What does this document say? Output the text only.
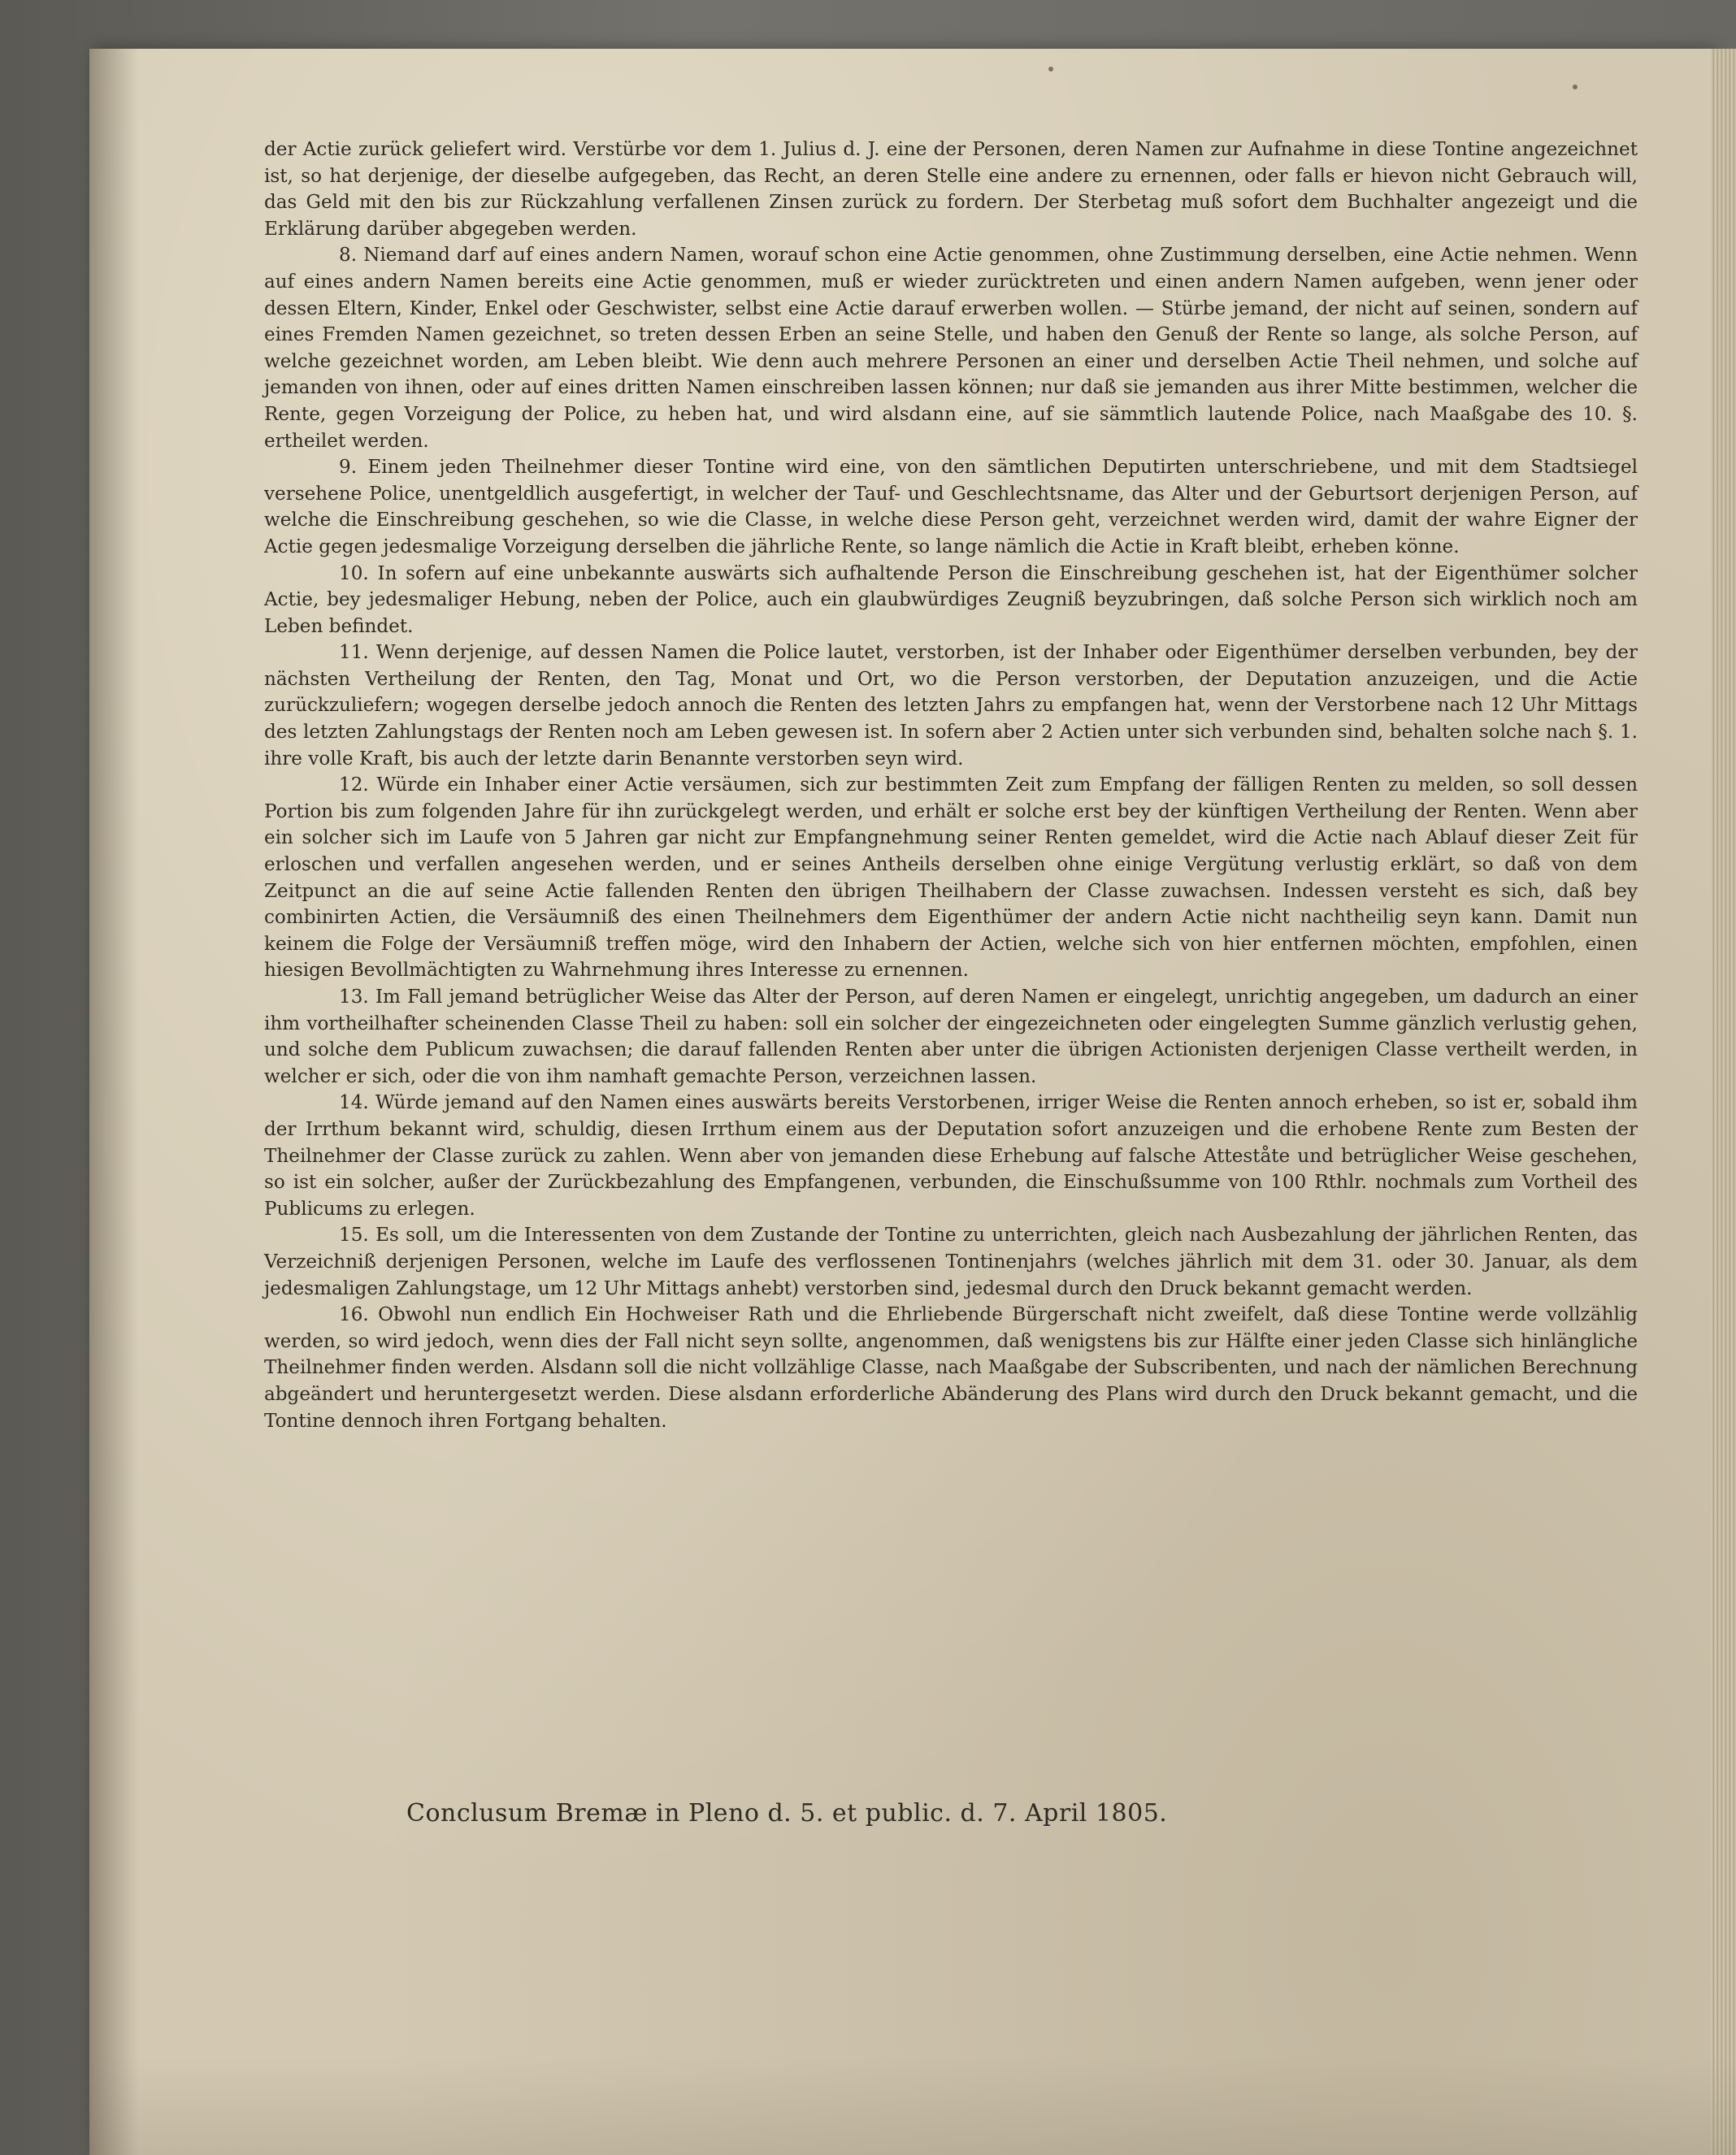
der Actie zurück geliefert wird. Verstürbe vor dem 1. Julius d. J. eine der Personen, deren Namen zur Aufnahme in diese Tontine angezeichnet ist, so hat derjenige, der dieselbe aufgegeben, das Recht, an deren Stelle eine andere zu ernennen, oder falls er hievon nicht Gebrauch will, das Geld mit den bis zur Rückzahlung verfallenen Zinsen zurück zu fordern. Der Sterbetag muß sofort dem Buchhalter angezeigt und die Erklärung darüber abgegeben werden.

8. Niemand darf auf eines andern Namen, worauf schon eine Actie genommen, ohne Zustimmung derselben, eine Actie nehmen. Wenn auf eines andern Namen bereits eine Actie genommen, muß er wieder zurücktreten und einen andern Namen aufgeben, wenn jener oder dessen Eltern, Kinder, Enkel oder Geschwister, selbst eine Actie darauf erwerben wollen. — Stürbe jemand, der nicht auf seinen, sondern auf eines Fremden Namen gezeichnet, so treten dessen Erben an seine Stelle, und haben den Genuß der Rente so lange, als solche Person, auf welche gezeichnet worden, am Leben bleibt. Wie denn auch mehrere Personen an einer und derselben Actie Theil nehmen, und solche auf jemanden von ihnen, oder auf eines dritten Namen einschreiben lassen können; nur daß sie jemanden aus ihrer Mitte bestimmen, welcher die Rente, gegen Vorzeigung der Police, zu heben hat, und wird alsdann eine, auf sie sämmtlich lautende Police, nach Maaßgabe des 10. §. ertheilet werden.

9. Einem jeden Theilnehmer dieser Tontine wird eine, von den sämtlichen Deputirten unterschriebene, und mit dem Stadtsiegel versehene Police, unentgeldlich ausgefertigt, in welcher der Tauf- und Geschlechtsname, das Alter und der Geburtsort derjenigen Person, auf welche die Einschreibung geschehen, so wie die Classe, in welche diese Person geht, verzeichnet werden wird, damit der wahre Eigner der Actie gegen jedesmalige Vorzeigung derselben die jährliche Rente, so lange nämlich die Actie in Kraft bleibt, erheben könne.

10. In sofern auf eine unbekannte auswärts sich aufhaltende Person die Einschreibung geschehen ist, hat der Eigenthümer solcher Actie, bey jedesmaliger Hebung, neben der Police, auch ein glaubwürdiges Zeugniß beyzubringen, daß solche Person sich wirklich noch am Leben befindet.

11. Wenn derjenige, auf dessen Namen die Police lautet, verstorben, ist der Inhaber oder Eigenthümer derselben verbunden, bey der nächsten Vertheilung der Renten, den Tag, Monat und Ort, wo die Person verstorben, der Deputation anzuzeigen, und die Actie zurückzuliefern; wogegen derselbe jedoch annoch die Renten des letzten Jahrs zu empfangen hat, wenn der Verstorbene nach 12 Uhr Mittags des letzten Zahlungstags der Renten noch am Leben gewesen ist. In sofern aber 2 Actien unter sich verbunden sind, behalten solche nach §. 1. ihre volle Kraft, bis auch der letzte darin Benannte verstorben seyn wird.

12. Würde ein Inhaber einer Actie versäumen, sich zur bestimmten Zeit zum Empfang der fälligen Renten zu melden, so soll dessen Portion bis zum folgenden Jahre für ihn zurückgelegt werden, und erhält er solche erst bey der künftigen Vertheilung der Renten. Wenn aber ein solcher sich im Laufe von 5 Jahren gar nicht zur Empfangnehmung seiner Renten gemeldet, wird die Actie nach Ablauf dieser Zeit für erloschen und verfallen angesehen werden, und er seines Antheils derselben ohne einige Vergütung verlustig erklärt, so daß von dem Zeitpunct an die auf seine Actie fallenden Renten den übrigen Theilhabern der Classe zuwachsen. Indessen versteht es sich, daß bey combinirten Actien, die Versäumniß des einen Theilnehmers dem Eigenthümer der andern Actie nicht nachtheilig seyn kann. Damit nun keinem die Folge der Versäumniß treffen möge, wird den Inhabern der Actien, welche sich von hier entfernen möchten, empfohlen, einen hiesigen Bevollmächtigten zu Wahrnehmung ihres Interesse zu ernennen.

13. Im Fall jemand betrüglicher Weise das Alter der Person, auf deren Namen er eingelegt, unrichtig angegeben, um dadurch an einer ihm vortheilhafter scheinenden Classe Theil zu haben: soll ein solcher der eingezeichneten oder eingelegten Summe gänzlich verlustig gehen, und solche dem Publicum zuwachsen; die darauf fallenden Renten aber unter die übrigen Actionisten derjenigen Classe vertheilt werden, in welcher er sich, oder die von ihm namhaft gemachte Person, verzeichnen lassen.

14. Würde jemand auf den Namen eines auswärts bereits Verstorbenen, irriger Weise die Renten annoch erheben, so ist er, sobald ihm der Irrthum bekannt wird, schuldig, diesen Irrthum einem aus der Deputation sofort anzuzeigen und die erhobene Rente zum Besten der Theilnehmer der Classe zurück zu zahlen. Wenn aber von jemanden diese Erhebung auf falsche Atteståte und betrüglicher Weise geschehen, so ist ein solcher, außer der Zurückbezahlung des Empfangenen, verbunden, die Einschußsumme von 100 Rthlr. nochmals zum Vortheil des Publicums zu erlegen.

15. Es soll, um die Interessenten von dem Zustande der Tontine zu unterrichten, gleich nach Ausbezahlung der jährlichen Renten, das Verzeichniß derjenigen Personen, welche im Laufe des verflossenen Tontinenjahrs (welches jährlich mit dem 31. oder 30. Januar, als dem jedesmaligen Zahlungstage, um 12 Uhr Mittags anhebt) verstorben sind, jedesmal durch den Druck bekannt gemacht werden.

16. Obwohl nun endlich Ein Hochweiser Rath und die Ehrliebende Bürgerschaft nicht zweifelt, daß diese Tontine werde vollzählig werden, so wird jedoch, wenn dies der Fall nicht seyn sollte, angenommen, daß wenigstens bis zur Hälfte einer jeden Classe sich hinlängliche Theilnehmer finden werden. Alsdann soll die nicht vollzählige Classe, nach Maaßgabe der Subscribenten, und nach der nämlichen Berechnung abgeändert und heruntergesetzt werden. Diese alsdann erforderliche Abänderung des Plans wird durch den Druck bekannt gemacht, und die Tontine dennoch ihren Fortgang behalten.

Conclusum Bremæ in Pleno d. 5. et public. d. 7. April 1805.
